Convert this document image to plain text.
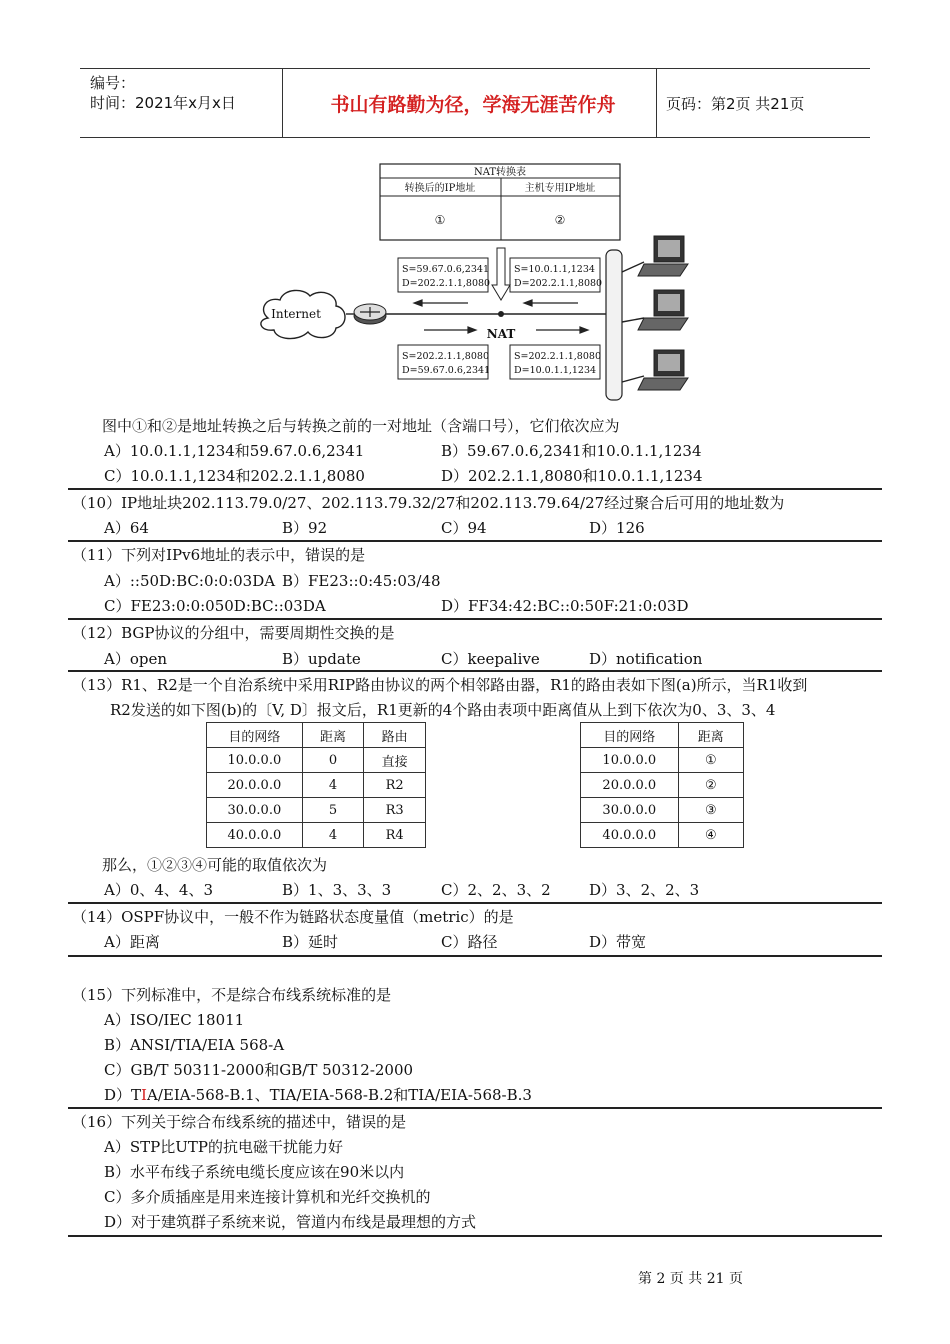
编号：
时间：2021年x月x日	书山有路勤为径，学海无涯苦作舟	页码：第2页 共21页
NAT转换表
转换后的IP地址	主机专用IP地址
①	②
S=59.67.0.6,2341
D=202.2.1.1,8080
S=10.0.1.1,1234
D=202.2.1.1,8080
S=202.2.1.1,8080
D=59.67.0.6,2341
S=202.2.1.1,8080
D=10.0.1.1,1234
Internet
NAT
图中①和②是地址转换之后与转换之前的一对地址（含端口号），它们依次应为
A）10.0.1.1,1234和59.67.0.6,2341	B）59.67.0.6,2341和10.0.1.1,1234
C）10.0.1.1,1234和202.2.1.1,8080	D）202.2.1.1,8080和10.0.1.1,1234
（10）IP地址块202.113.79.0/27、202.113.79.32/27和202.113.79.64/27经过聚合后可用的地址数为
A）64	B）92	C）94	D）126
（11）下列对IPv6地址的表示中，错误的是
A）::50D:BC:0:0:03DA B）FE23::0:45:03/48
C）FE23:0:0:050D:BC::03DA	D）FF34:42:BC::0:50F:21:0:03D
（12）BGP协议的分组中，需要周期性交换的是
A）open	B）update	C）keepalive	D）notification
（13）R1、R2是一个自治系统中采用RIP路由协议的两个相邻路由器，R1的路由表如下图(a)所示，当R1收到
R2发送的如下图(b)的〔V, D〕报文后，R1更新的4个路由表项中距离值从上到下依次为0、3、3、4
目的网络	距离	路由
10.0.0.0	0	直接
20.0.0.0	4	R2
30.0.0.0	5	R3
40.0.0.0	4	R4
目的网络	距离
10.0.0.0	①
20.0.0.0	②
30.0.0.0	③
40.0.0.0	④
那么，①②③④可能的取值依次为
A）0、4、4、3	B）1、3、3、3	C）2、2、3、2	D）3、2、2、3
（14）OSPF协议中，一般不作为链路状态度量值（metric）的是
A）距离	B）延时	C）路径	D）带宽
（15）下列标准中，不是综合布线系统标准的是
A）ISO/IEC 18011
B）ANSI/TIA/EIA 568-A
C）GB/T 50311-2000和GB/T 50312-2000
D）TIA/EIA-568-B.1、TIA/EIA-568-B.2和TIA/EIA-568-B.3
（16）下列关于综合布线系统的描述中，错误的是
A）STP比UTP的抗电磁干扰能力好
B）水平布线子系统电缆长度应该在90米以内
C）多介质插座是用来连接计算机和光纤交换机的
D）对于建筑群子系统来说，管道内布线是最理想的方式
第 2 页 共 21 页
